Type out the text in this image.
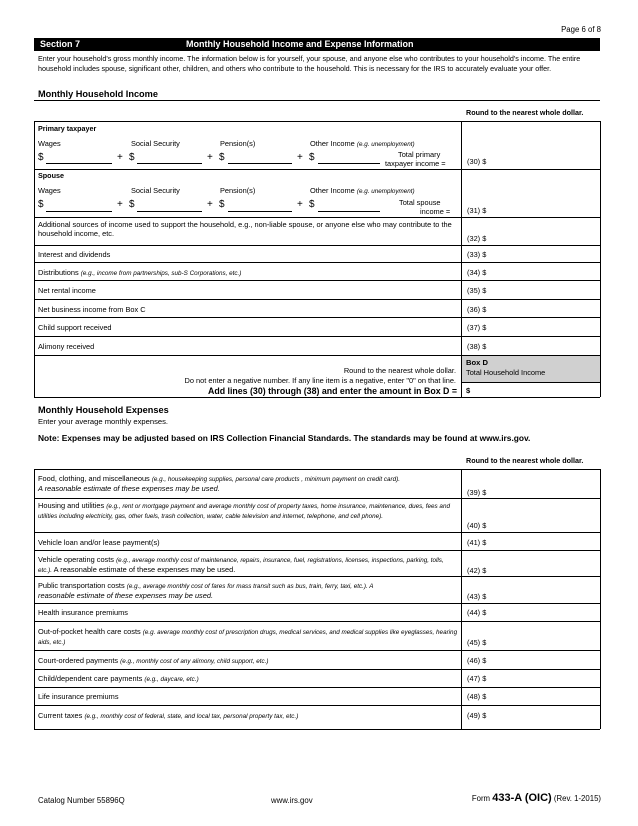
Page 6 of 8
Section 7	Monthly Household Income and Expense Information
Enter your household's gross monthly income. The information below is for yourself, your spouse, and anyone else who contributes to your household's income. The entire household includes spouse, significant other, children, and others who contribute to the household. This is necessary for the IRS to accurately evaluate your offer.
Monthly Household Income
Round to the nearest whole dollar.
Primary taxpayer
Wages	Social Security	Pension(s)	Other Income (e.g. unemployment)
$	+ $	+ $	+ $	Total primary
taxpayer income =	(30) $
Spouse
Wages	Social Security	Pension(s)	Other Income (e.g. unemployment)
$	+ $	+ $	+ $	Total spouse
income = (31) $
Additional sources of income used to support the household, e.g., non-liable spouse, or anyone else who may contribute to the household income, etc.
(32) $
Interest and dividends	(33) $
Distributions (e.g., income from partnerships, sub-S Corporations, etc.)	(34) $
Net rental income	(35) $
Net business income from Box C	(36) $
Child support received	(37) $
Alimony received	(38) $
Box D
Total Household Income
$
Round to the nearest whole dollar.
Do not enter a negative number. If any line item is a negative, enter "0" on that line.
Add lines (30) through (38) and enter the amount in Box D =
Monthly Household Expenses
Enter your average monthly expenses.
Note: Expenses may be adjusted based on IRS Collection Financial Standards. The standards may be found at www.irs.gov.
Round to the nearest whole dollar.
Food, clothing, and miscellaneous (e.g., housekeeping supplies, personal care products , minimum payment on credit card).
A reasonable estimate of these expenses may be used.	(39) $
Housing and utilities (e.g., rent or mortgage payment and average monthly cost of property taxes, home insurance, maintenance, dues, fees and utilities including electricity, gas, other fuels, trash collection, water, cable television and internet, telephone, and cell phone).
(40) $
Vehicle loan and/or lease payment(s)	(41) $
Vehicle operating costs (e.g., average monthly cost of maintenance, repairs, insurance, fuel, registrations, licenses, inspections, parking, tolls, etc.). A reasonable estimate of these expenses may be used.	(42) $
Public transportation costs (e.g., average monthly cost of fares for mass transit such as bus, train, ferry, taxi, etc.). A
reasonable estimate of these expenses may be used.	(43) $
Health insurance premiums	(44) $
Out-of-pocket health care costs (e.g. average monthly cost of prescription drugs, medical services, and medical supplies like eyeglasses, hearing aids, etc.)	(45) $
Court-ordered payments (e.g., monthly cost of any alimony, child support, etc.)	(46) $
Child/dependent care payments (e.g., daycare, etc.)	(47) $
Life insurance premiums	(48) $
Current taxes (e.g., monthly cost of federal, state, and local tax, personal property tax, etc.)	(49) $
Catalog Number 55896Q	www.irs.gov	Form 433-A (OIC) (Rev. 1-2015)
